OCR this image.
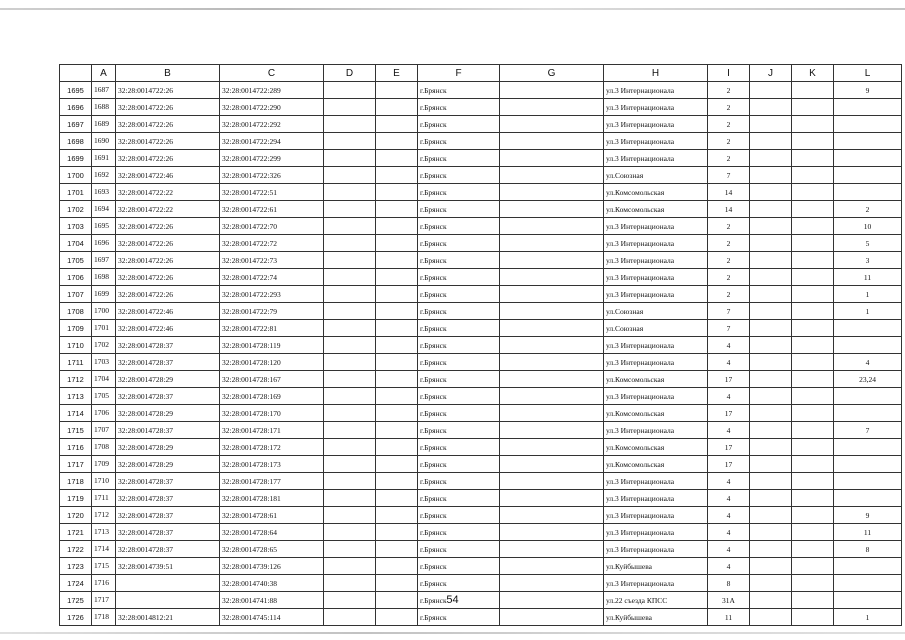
	A	B	C	D	E	F	G	H	I	J	K	L
1695	1687	32:28:0014722:26	32:28:0014722:289			г.Брянск		ул.3 Интернационала	2			9
1696	1688	32:28:0014722:26	32:28:0014722:290			г.Брянск		ул.3 Интернационала	2			
1697	1689	32:28:0014722:26	32:28:0014722:292			г.Брянск		ул.3 Интернационала	2			
1698	1690	32:28:0014722:26	32:28:0014722:294			г.Брянск		ул.3 Интернационала	2			
1699	1691	32:28:0014722:26	32:28:0014722:299			г.Брянск		ул.3 Интернационала	2			
1700	1692	32:28:0014722:46	32:28:0014722:326			г.Брянск		ул.Союзная	7			
1701	1693	32:28:0014722:22	32:28:0014722:51			г.Брянск		ул.Комсомольская	14			
1702	1694	32:28:0014722:22	32:28:0014722:61			г.Брянск		ул.Комсомольская	14			2
1703	1695	32:28:0014722:26	32:28:0014722:70			г.Брянск		ул.3 Интернационала	2			10
1704	1696	32:28:0014722:26	32:28:0014722:72			г.Брянск		ул.3 Интернационала	2			5
1705	1697	32:28:0014722:26	32:28:0014722:73			г.Брянск		ул.3 Интернационала	2			3
1706	1698	32:28:0014722:26	32:28:0014722:74			г.Брянск		ул.3 Интернационала	2			11
1707	1699	32:28:0014722:26	32:28:0014722:293			г.Брянск		ул.3 Интернационала	2			1
1708	1700	32:28:0014722:46	32:28:0014722:79			г.Брянск		ул.Союзная	7			1
1709	1701	32:28:0014722:46	32:28:0014722:81			г.Брянск		ул.Союзная	7			
1710	1702	32:28:0014728:37	32:28:0014728:119			г.Брянск		ул.3 Интернационала	4			
1711	1703	32:28:0014728:37	32:28:0014728:120			г.Брянск		ул.3 Интернационала	4			4
1712	1704	32:28:0014728:29	32:28:0014728:167			г.Брянск		ул.Комсомольская	17			23,24
1713	1705	32:28:0014728:37	32:28:0014728:169			г.Брянск		ул.3 Интернационала	4			
1714	1706	32:28:0014728:29	32:28:0014728:170			г.Брянск		ул.Комсомольская	17			
1715	1707	32:28:0014728:37	32:28:0014728:171			г.Брянск		ул.3 Интернационала	4			7
1716	1708	32:28:0014728:29	32:28:0014728:172			г.Брянск		ул.Комсомольская	17			
1717	1709	32:28:0014728:29	32:28:0014728:173			г.Брянск		ул.Комсомольская	17			
1718	1710	32:28:0014728:37	32:28:0014728:177			г.Брянск		ул.3 Интернационала	4			
1719	1711	32:28:0014728:37	32:28:0014728:181			г.Брянск		ул.3 Интернационала	4			
1720	1712	32:28:0014728:37	32:28:0014728:61			г.Брянск		ул.3 Интернационала	4			9
1721	1713	32:28:0014728:37	32:28:0014728:64			г.Брянск		ул.3 Интернационала	4			11
1722	1714	32:28:0014728:37	32:28:0014728:65			г.Брянск		ул.3 Интернационала	4			8
1723	1715	32:28:0014739:51	32:28:0014739:126			г.Брянск		ул.Куйбышева	4			
1724	1716		32:28:0014740:38			г.Брянск		ул.3 Интернационала	8			
1725	1717		32:28:0014741:88			г.Брянск		ул.22 съезда КПСС	31А			
1726	1718	32:28:0014812:21	32:28:0014745:114			г.Брянск		ул.Куйбышева	11			1
54
